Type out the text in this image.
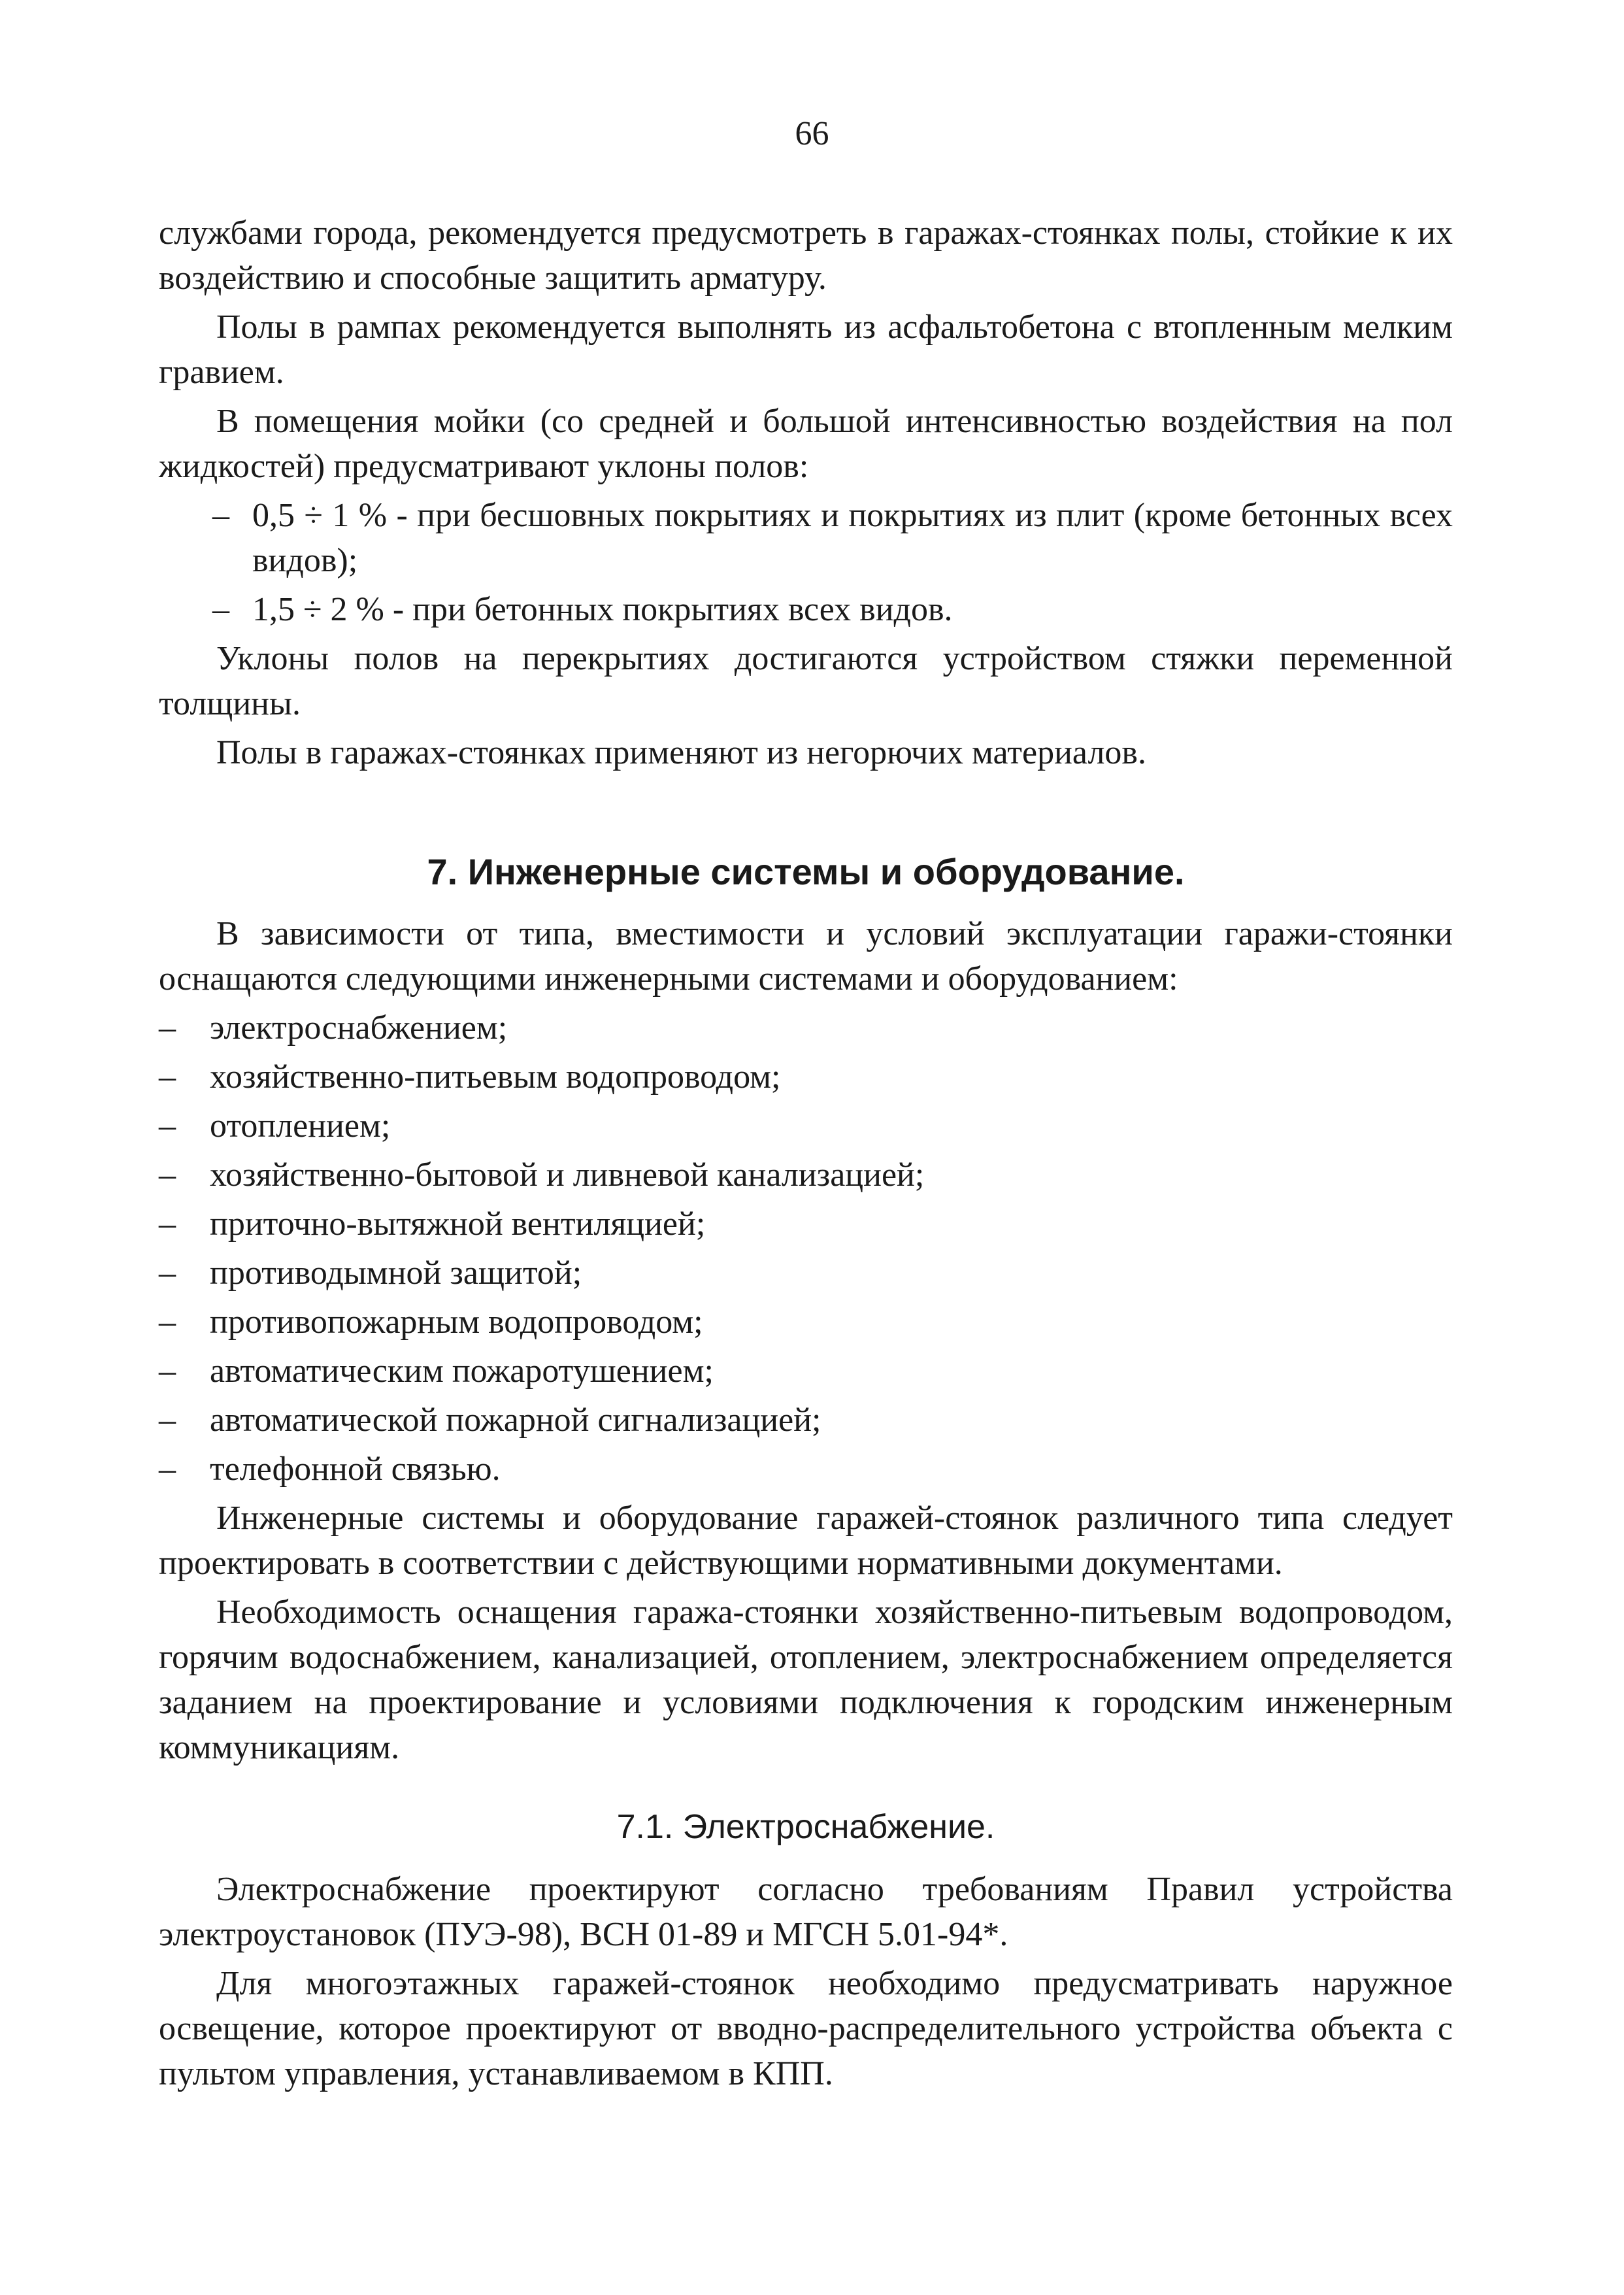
66

службами города, рекомендуется предусмотреть в гаражах-стоянках полы, стойкие к их воздействию и способные защитить арматуру.

Полы в рампах рекомендуется выполнять из асфальтобетона с втопленным мелким гравием.

В помещения мойки (со средней и большой интенсивностью воздействия на пол жидкостей) предусматривают уклоны полов:

– 0,5 ÷ 1 % - при бесшовных покрытиях и покрытиях из плит (кроме бетонных всех видов);
– 1,5 ÷ 2 % - при бетонных покрытиях всех видов.

Уклоны полов на перекрытиях достигаются устройством стяжки переменной толщины.

Полы в гаражах-стоянках применяют из негорючих материалов.

7. Инженерные системы и оборудование.

В зависимости от типа, вместимости и условий эксплуатации гаражи-стоянки оснащаются следующими инженерными системами и оборудованием:

– электроснабжением;
– хозяйственно-питьевым водопроводом;
– отоплением;
– хозяйственно-бытовой и ливневой канализацией;
– приточно-вытяжной вентиляцией;
– противодымной защитой;
– противопожарным водопроводом;
– автоматическим пожаротушением;
– автоматической пожарной сигнализацией;
– телефонной связью.

Инженерные системы и оборудование гаражей-стоянок различного типа следует проектировать в соответствии с действующими нормативными документами.

Необходимость оснащения гаража-стоянки хозяйственно-питьевым водопроводом, горячим водоснабжением, канализацией, отоплением, электроснабжением определяется заданием на проектирование и условиями подключения к городским инженерным коммуникациям.

7.1. Электроснабжение.

Электроснабжение проектируют согласно требованиям Правил устройства электроустановок (ПУЭ-98), ВСН 01-89 и МГСН 5.01-94*.

Для многоэтажных гаражей-стоянок необходимо предусматривать наружное освещение, которое проектируют от вводно-распределительного устройства объекта с пультом управления, устанавливаемом в КПП.
